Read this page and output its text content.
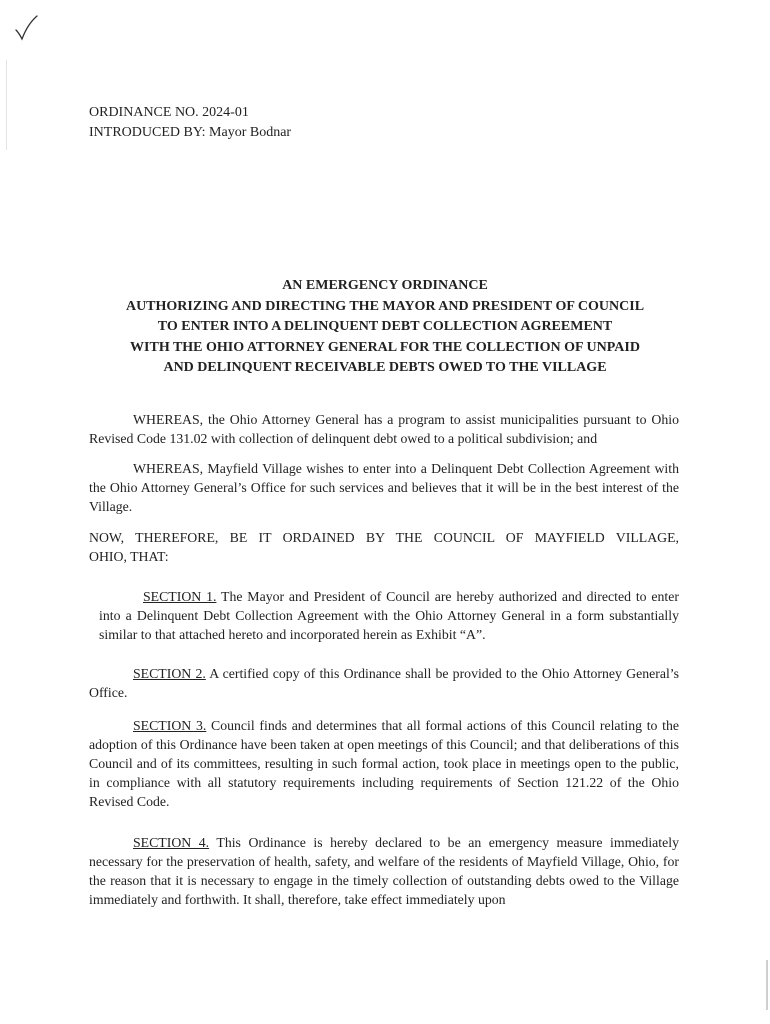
ORDINANCE NO. 2024-01
INTRODUCED BY: Mayor Bodnar
AN EMERGENCY ORDINANCE
AUTHORIZING AND DIRECTING THE MAYOR AND PRESIDENT OF COUNCIL
TO ENTER INTO A DELINQUENT DEBT COLLECTION AGREEMENT
WITH THE OHIO ATTORNEY GENERAL FOR THE COLLECTION OF UNPAID
AND DELINQUENT RECEIVABLE DEBTS OWED TO THE VILLAGE

WHEREAS, the Ohio Attorney General has a program to assist municipalities pursuant to Ohio Revised Code 131.02 with collection of delinquent debt owed to a political subdivision; and

WHEREAS, Mayfield Village wishes to enter into a Delinquent Debt Collection Agreement with the Ohio Attorney General’s Office for such services and believes that it will be in the best interest of the Village.

NOW, THEREFORE, BE IT ORDAINED BY THE COUNCIL OF MAYFIELD VILLAGE,
OHIO, THAT:

SECTION 1. The Mayor and President of Council are hereby authorized and directed to enter into a Delinquent Debt Collection Agreement with the Ohio Attorney General in a form substantially similar to that attached hereto and incorporated herein as Exhibit “A”.

SECTION 2. A certified copy of this Ordinance shall be provided to the Ohio Attorney General’s Office.

SECTION 3. Council finds and determines that all formal actions of this Council relating to the adoption of this Ordinance have been taken at open meetings of this Council; and that deliberations of this Council and of its committees, resulting in such formal action, took place in meetings open to the public, in compliance with all statutory requirements including requirements of Section 121.22 of the Ohio Revised Code.

SECTION 4. This Ordinance is hereby declared to be an emergency measure immediately necessary for the preservation of health, safety, and welfare of the residents of Mayfield Village, Ohio, for the reason that it is necessary to engage in the timely collection of outstanding debts owed to the Village immediately and forthwith. It shall, therefore, take effect immediately upon
